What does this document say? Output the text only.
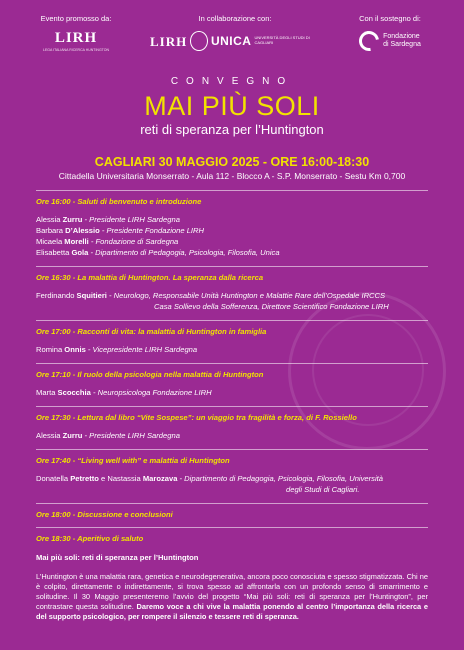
Evento promosso da:
LIRH
LEGA ITALIANA RICERCA HUNTINGTON
In collaborazione con:
LIRH UNICA UNIVERSITÀ DEGLI STUDI DI CAGLIARI
Con il sostegno di:
Fondazione
di Sardegna
CONVEGNO
MAI PIÙ SOLI
reti di speranza per l’Huntington
CAGLIARI 30 MAGGIO 2025 - ORE 16:00-18:30
Cittadella Universitaria Monserrato - Aula 112 - Blocco A - S.P. Monserrato - Sestu Km 0,700
Ore 16:00 - Saluti di benvenuto e introduzione
Alessia Zurru - Presidente LIRH Sardegna
Barbara D’Alessio - Presidente Fondazione LIRH
Micaela Morelli - Fondazione di Sardegna
Elisabetta Gola - Dipartimento di Pedagogia, Psicologia, Filosofia, Unica
Ore 16:30 - La malattia di Huntington. La speranza dalla ricerca
Ferdinando Squitieri - Neurologo, Responsabile Unità Huntington e Malattie Rare dell’Ospedale IRCCS
Casa Sollievo della Sofferenza, Direttore Scientifico Fondazione LIRH
Ore 17:00 - Racconti di vita: la malattia di Huntington in famiglia
Romina Onnis - Vicepresidente LIRH Sardegna
Ore 17:10 - Il ruolo della psicologia nella malattia di Huntington
Marta Scocchia - Neuropsicologa Fondazione LIRH
Ore 17:30 - Lettura dal libro “Vite Sospese”: un viaggio tra fragilità e forza, di F. Rossiello
Alessia Zurru - Presidente LIRH Sardegna
Ore 17:40 - “Living well with” e malattia di Huntington
Donatella Petretto e Nastassia Marozava - Dipartimento di Pedagogia, Psicologia, Filosofia, Università
degli Studi di Cagliari.
Ore 18:00 - Discussione e conclusioni
Ore 18:30 - Aperitivo di saluto
Mai più soli: reti di speranza per l’Huntington

L’Huntington è una malattia rara, genetica e neurodegenerativa, ancora poco conosciuta e spesso stigmatizzata. Chi ne è colpito, direttamente o indirettamente, si trova spesso ad affrontarla con un profondo senso di smarrimento e solitudine. Il 30 Maggio presenteremo l’avvio del progetto “Mai più soli: reti di speranza per l’Huntington”, per contrastare questa solitudine. Daremo voce a chi vive la malattia ponendo al centro l’importanza della ricerca e del supporto psicologico, per rompere il silenzio e tessere reti di speranza.
